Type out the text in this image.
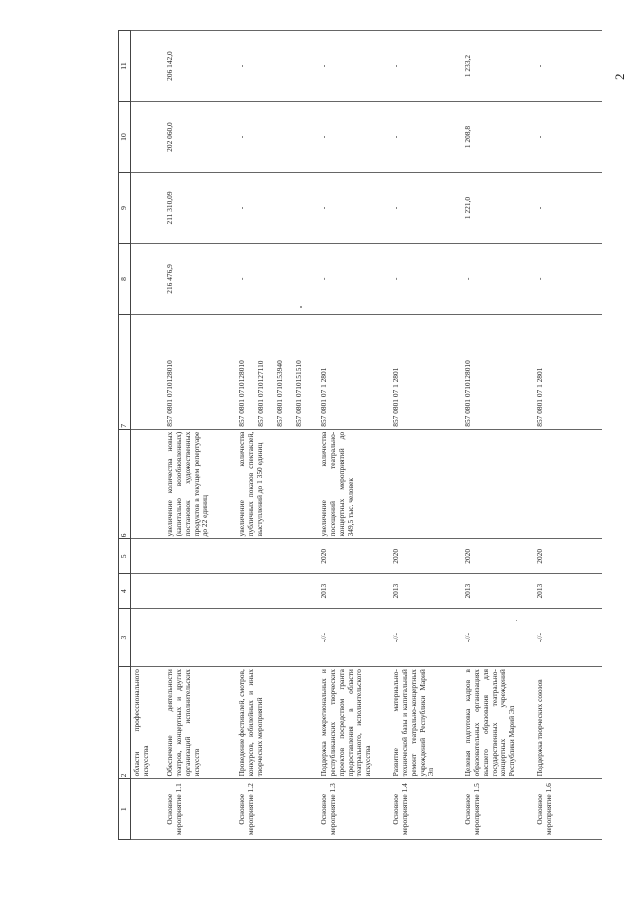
2
1	2	3	4	5	6	7	8	9	10	11

	области профессионального искусства									

Основное мероприятие 1.1	Обеспечение деятельности театров, концертных и других организаций исполнительских искусств				увеличение количества новых (капитально возобновленных) постановок художественных продуктов в текущем репертуаре до 22 единиц	857 0801 0710128010	216 476,9	211 310,09	202 060,0	206 142,0

Основное мероприятие 1.2	Проведение фестивалей, смотров, конкурсов, юбилейных и иных творческих мероприятий				увеличение количества публичных показов спектаклей, выступлений до 1 350 единиц	857 0801 0710128010 857 0801 0710127110 857 0801 0710153940 857 0801 0710151510	-	-	-	-

Основное мероприятие 1.3	Поддержка межрегиональных и республиканских творческих проектов посредством гранта предоставления в области театрального, исполнительского искусства	-//-	2013	2020	увеличение количества посещений театрально-концертных мероприятий до 349,5 тыс. человек	857 0801 07 1 2801	-	-	-	-

Основное мероприятие 1.4	Развитие материально-технической базы и капитальный ремонт театрально-концертных учреждений Республики Марий Эл	-//-	2013	2020		857 0801 07 1 2801	-	-	-	-

Основное мероприятие 1.5	Целевая подготовка кадров в образовательных организациях высшего образования для государственных театрально-концертных учреждений Республики Марий Эл	-//-	2013	2020		857 0801 0710128010	-	1 221,0	1 208,8	1 233,2

Основное мероприятие 1.6	Поддержка творческих союзов	-//-	2013	2020		857 0801 07 1 2801	-	-	-	-
